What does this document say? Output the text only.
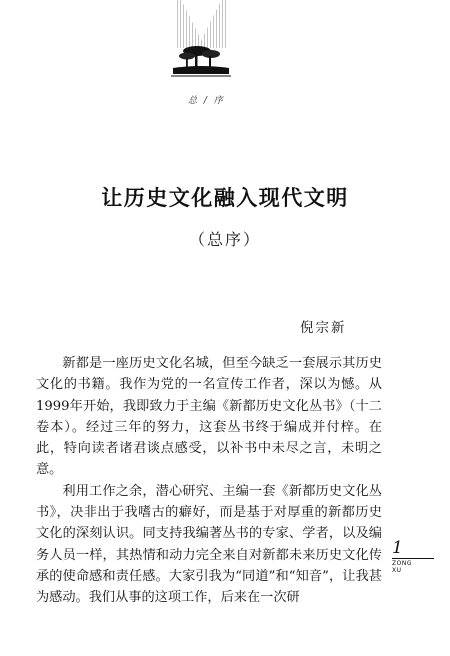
总 / 序
让历史文化融入现代文明
（总序）
倪宗新

新都是一座历史文化名城，但至今缺乏一套展示其历史文化的书籍。我作为党的一名宣传工作者，深以为憾。从1999年开始，我即致力于主编《新都历史文化丛书》（十二卷本）。经过三年的努力，这套丛书终于编成并付梓。在此，特向读者诸君谈点感受，以补书中未尽之言，未明之意。

利用工作之余，潜心研究、主编一套《新都历史文化丛书》，决非出于我嗜古的癖好，而是基于对厚重的新都历史文化的深刻认识。同支持我编著丛书的专家、学者，以及编务人员一样，其热情和动力完全来自对新都未来历史文化传承的使命感和责任感。大家引我为“同道”和“知音”，让我甚为感动。我们从事的这项工作，后来在一次研

1
ZONG
XU
